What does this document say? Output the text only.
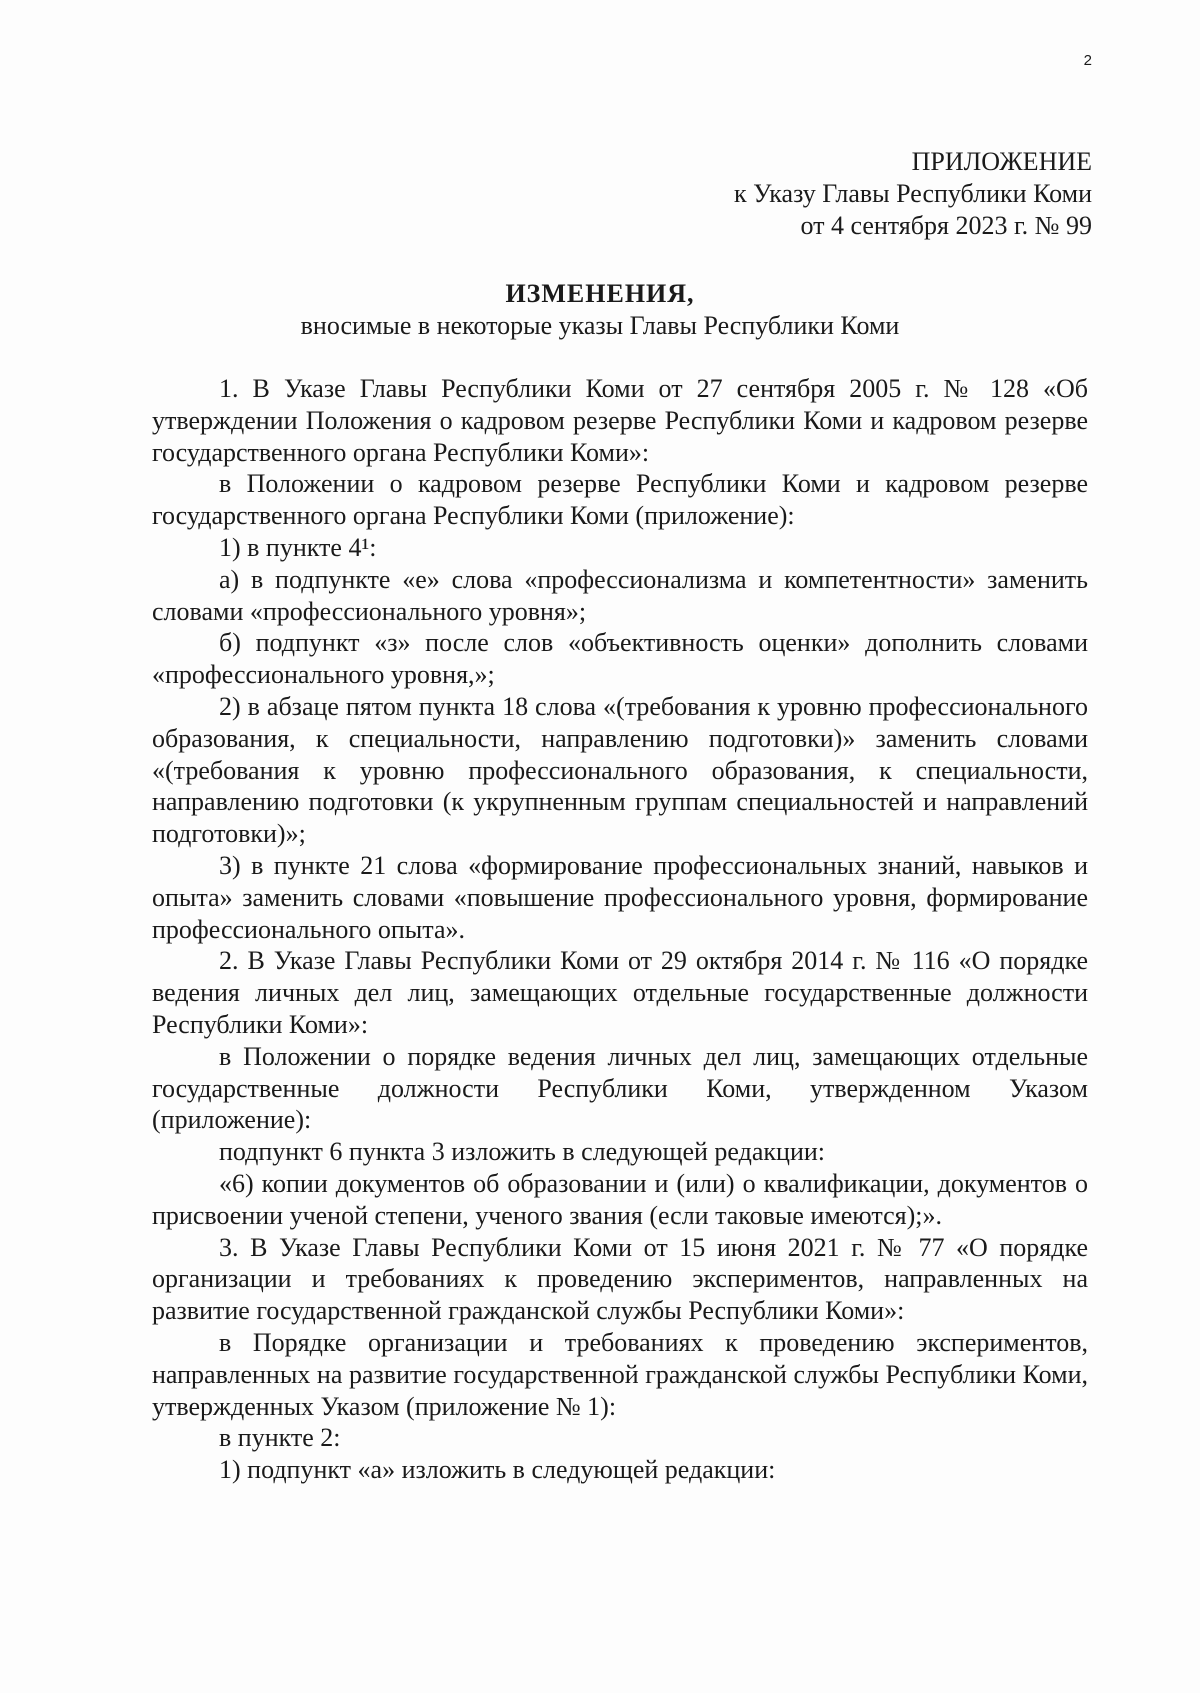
2
ПРИЛОЖЕНИЕ
к Указу Главы Республики Коми
от 4 сентября 2023 г. № 99
ИЗМЕНЕНИЯ,
вносимые в некоторые указы Главы Республики Коми

1. В Указе Главы Республики Коми от 27 сентября 2005 г. № 128 «Об утверждении Положения о кадровом резерве Республики Коми и кадровом резерве государственного органа Республики Коми»:

в Положении о кадровом резерве Республики Коми и кадровом резерве государственного органа Республики Коми (приложение):

1) в пункте 4¹:

а) в подпункте «е» слова «профессионализма и компетентности» заменить словами «профессионального уровня»;

б) подпункт «з» после слов «объективность оценки» дополнить словами «профессионального уровня,»;

2) в абзаце пятом пункта 18 слова «(требования к уровню профессионального образования, к специальности, направлению подготовки)» заменить словами «(требования к уровню профессионального образования, к специальности, направлению подготовки (к укрупненным группам специальностей и направлений подготовки)»;

3) в пункте 21 слова «формирование профессиональных знаний, навыков и опыта» заменить словами «повышение профессионального уровня, формирование профессионального опыта».

2. В Указе Главы Республики Коми от 29 октября 2014 г. № 116 «О порядке ведения личных дел лиц, замещающих отдельные государственные должности Республики Коми»:

в Положении о порядке ведения личных дел лиц, замещающих отдельные государственные должности Республики Коми, утвержденном Указом (приложение):

подпункт 6 пункта 3 изложить в следующей редакции:

«6) копии документов об образовании и (или) о квалификации, документов о присвоении ученой степени, ученого звания (если таковые имеются);».

3. В Указе Главы Республики Коми от 15 июня 2021 г. № 77 «О порядке организации и требованиях к проведению экспериментов, направленных на развитие государственной гражданской службы Республики Коми»:

в Порядке организации и требованиях к проведению экспериментов, направленных на развитие государственной гражданской службы Республики Коми, утвержденных Указом (приложение № 1):

в пункте 2:

1) подпункт «а» изложить в следующей редакции:
